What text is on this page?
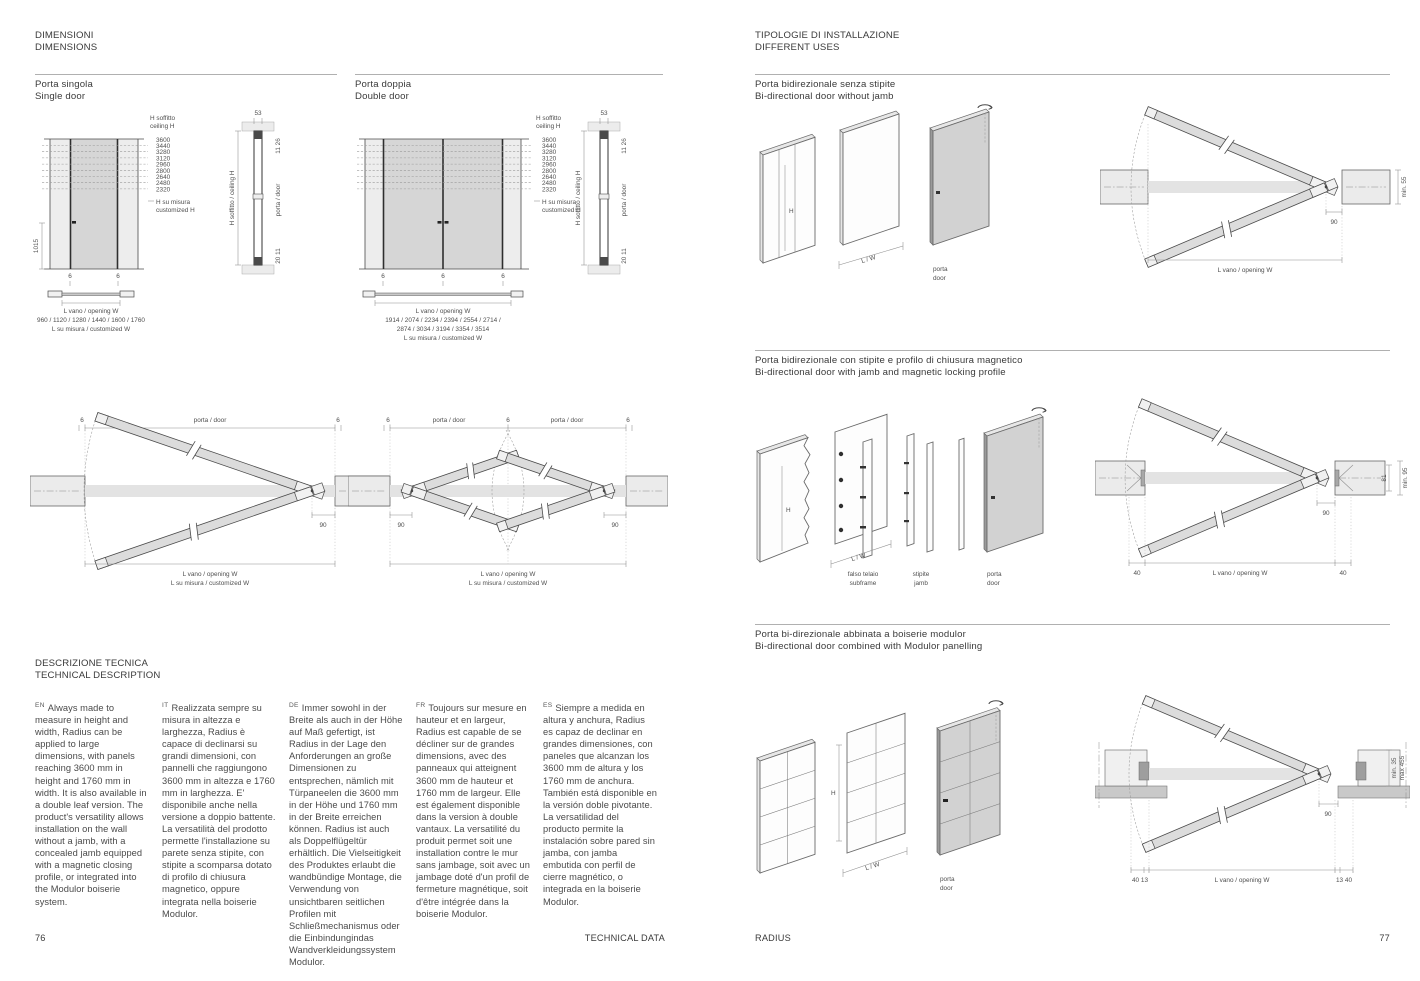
DIMENSIONI
DIMENSIONS
Porta singola
Single door
Porta doppia
Double door
H soffitto
ceiling H
3600
3440
3280
3120
2960
2800
2640
2480
2320
H su misura
customized H
1015
6	6
L vano / opening W
960 / 1120 / 1280 / 1440 / 1600 / 1760
L su misura / customized W
53
H soffitto / ceiling H
11 26
porta / door
20 11
H soffitto
ceiling H
3600
3440
3280
3120
2960
2800
2640
2480
2320
H su misura
customized H
6	6	6
L vano / opening W
1914 / 2074 / 2234 / 2394 / 2554 / 2714 /
2874 / 3034 / 3194 / 3354 / 3514
L su misura / customized W
53
H soffitto / ceiling H
11 26
porta / door
20 11
6	porta / door	6
90
L vano / opening W
L su misura / customized W
6	porta / door	6	porta / door	6
90	90
L vano / opening W
L su misura / customized W
DESCRIZIONE TECNICA
TECHNICAL DESCRIPTION

$^{EN}$ Always made to measure in height and width, Radius can be applied to large dimensions, with panels reaching 3600 mm in height and 1760 mm in width. It is also available in a double leaf version. The product's versatility allows installation on the wall without a jamb, with a concealed jamb equipped with a magnetic closing profile, or integrated into the Modulor boiserie system.

$^{IT}$ Realizzata sempre su misura in altezza e larghezza, Radius è capace di declinarsi su grandi dimensioni, con pannelli che raggiungono 3600 mm in altezza e 1760 mm in larghezza. E' disponibile anche nella versione a doppio battente. La versatilità del prodotto permette l'installazione su parete senza stipite, con stipite a scomparsa dotato di profilo di chiusura magnetico, oppure integrata nella boiserie Modulor.

$^{DE}$ Immer sowohl in der Breite als auch in der Höhe auf Maß gefertigt, ist Radius in der Lage den Anforderungen an große Dimensionen zu entsprechen, nämlich mit Türpaneelen die 3600 mm in der Höhe und 1760 mm in der Breite erreichen können. Radius ist auch als Doppelflügeltür erhältlich. Die Vielseitigkeit des Produktes erlaubt die wandbündige Montage, die Verwendung von unsichtbaren seitlichen Profilen mit Schließmechanismus oder die Einbindungindas Wandverkleidungssystem Modulor.

$^{FR}$ Toujours sur mesure en hauteur et en largeur, Radius est capable de se décliner sur de grandes dimensions, avec des panneaux qui atteignent 3600 mm de hauteur et 1760 mm de largeur. Elle est également disponible dans la version à double vantaux. La versatilité du produit permet soit une installation contre le mur sans jambage, soit avec un jambage doté d'un profil de fermeture magnétique, soit d'être intégrée dans la boiserie Modulor.

$^{ES}$ Siempre a medida en altura y anchura, Radius es capaz de declinar en grandes dimensiones, con paneles que alcanzan los 3600 mm de altura y los 1760 mm de anchura. También está disponible en la versión doble pivotante. La versatilidad del producto permite la instalación sobre pared sin jamba, con jamba embutida con perfil de cierre magnético, o integrada en la boiserie Modulor.

76	TECHNICAL DATA
TIPOLOGIE DI INSTALLAZIONE
DIFFERENT USES
Porta bidirezionale senza stipite
Bi-directional door without jamb
H
L / W
porta
door
min. 55
90
L vano / opening W
Porta bidirezionale con stipite e profilo di chiusura magnetico
Bi-directional door with jamb and magnetic locking profile
H
L / W
falso telaio
subframe
stipite
jamb
porta
door
81 min. 95
90
40	L vano / opening W	40
Porta bi-direzionale abbinata a boiserie modulor
Bi-directional door combined with Modulor panelling
H
L / W
porta
door
min. 35 max 455
90
40 13	L vano / opening W	13 40
RADIUS	77
